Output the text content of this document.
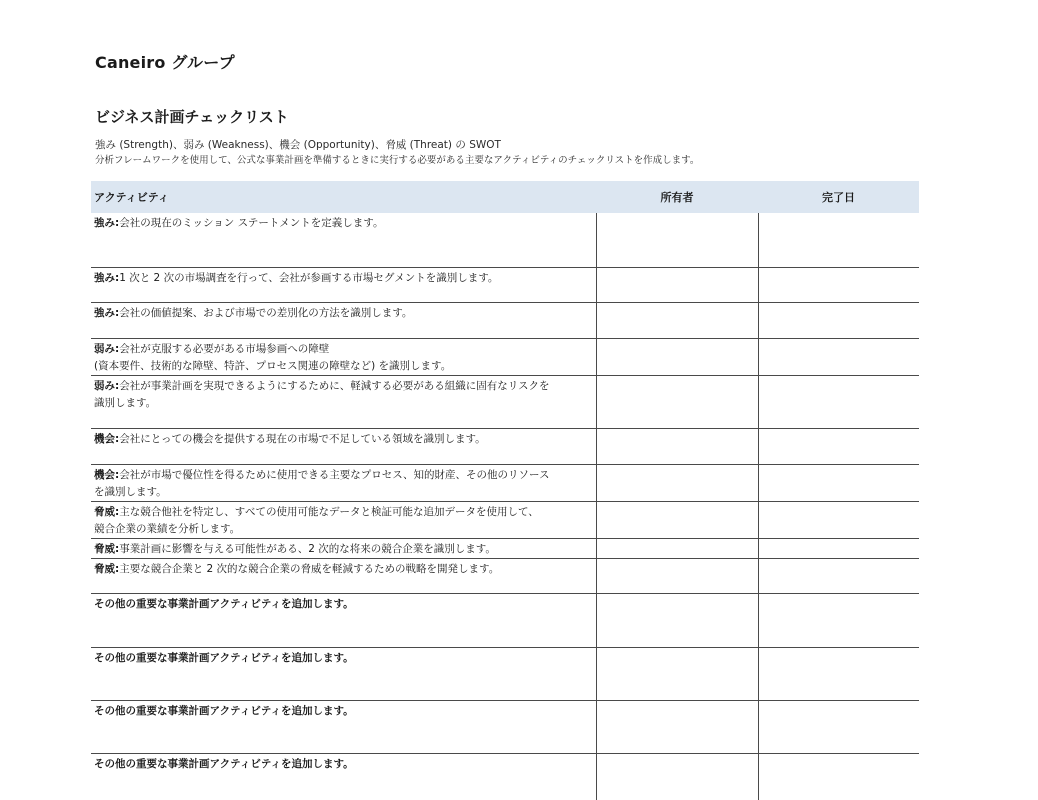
Caneiro グループ
ビジネス計画チェックリスト
強み (Strength)、弱み (Weakness)、機会 (Opportunity)、脅威 (Threat) の SWOT
分析フレームワークを使用して、公式な事業計画を準備するときに実行する必要がある主要なアクティビティのチェックリストを作成します。
アクティビティ	所有者	完了日
強み:会社の現在のミッション ステートメントを定義します。		
強み:1 次と 2 次の市場調査を行って、会社が参画する市場セグメントを識別します。		
強み:会社の価値提案、および市場での差別化の方法を識別します。		
弱み:会社が克服する必要がある市場参画への障壁
(資本要件、技術的な障壁、特許、プロセス関連の障壁など) を識別します。		
弱み:会社が事業計画を実現できるようにするために、軽減する必要がある組織に固有なリスクを
識別します。		
機会:会社にとっての機会を提供する現在の市場で不足している領域を識別します。		
機会:会社が市場で優位性を得るために使用できる主要なプロセス、知的財産、その他のリソース
を識別します。		
脅威:主な競合他社を特定し、すべての使用可能なデータと検証可能な追加データを使用して、
競合企業の業績を分析します。		
脅威:事業計画に影響を与える可能性がある、2 次的な将来の競合企業を識別します。		
脅威:主要な競合企業と 2 次的な競合企業の脅威を軽減するための戦略を開発します。		
その他の重要な事業計画アクティビティを追加します。		
その他の重要な事業計画アクティビティを追加します。		
その他の重要な事業計画アクティビティを追加します。		
その他の重要な事業計画アクティビティを追加します。		
